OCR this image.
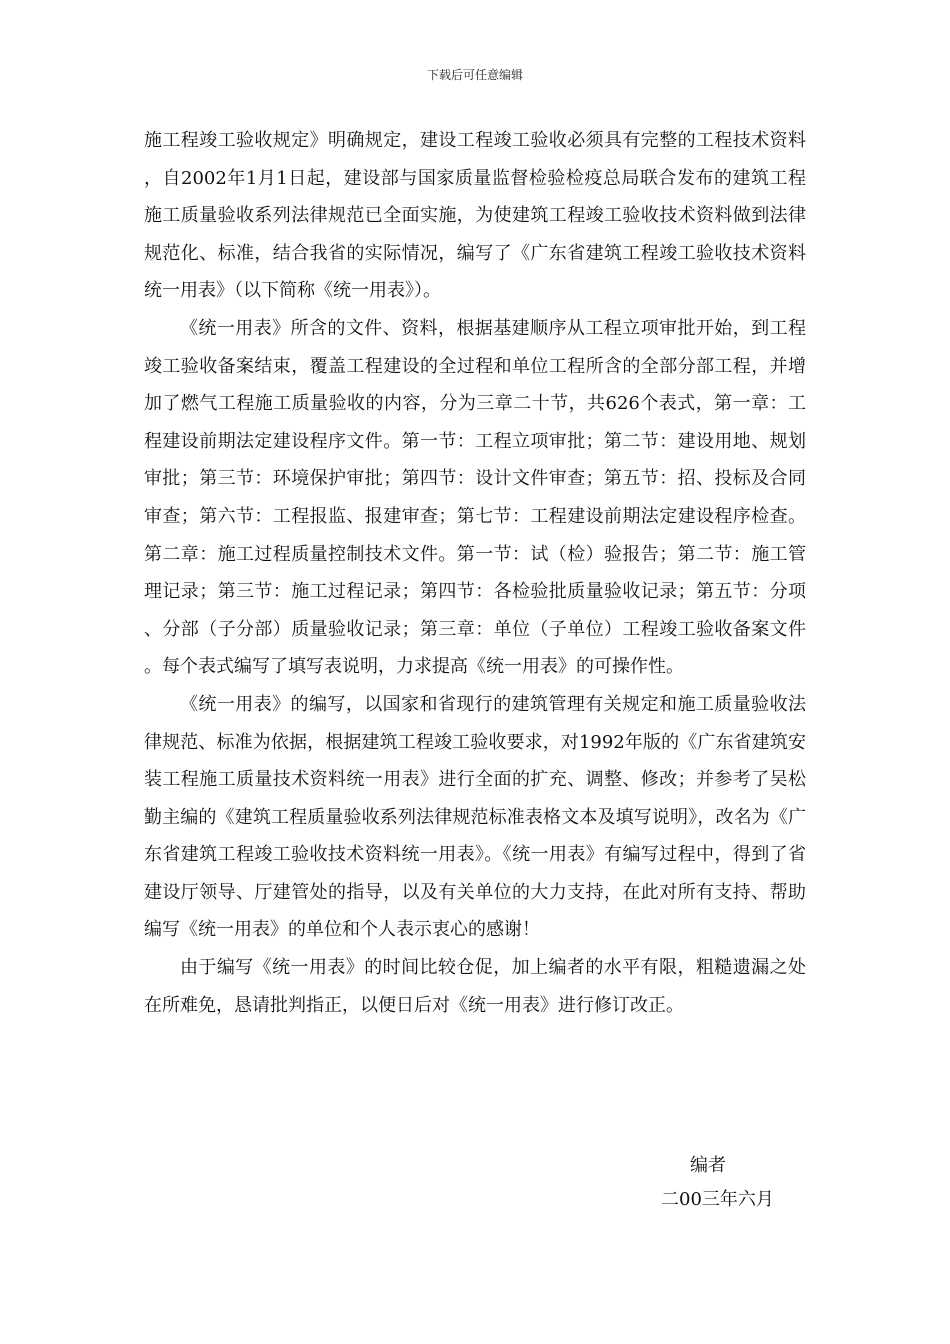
下载后可任意编辑

施工程竣工验收规定》明确规定，建设工程竣工验收必须具有完整的工程技术资料，自2002年1月1日起，建设部与国家质量监督检验检疫总局联合发布的建筑工程施工质量验收系列法律规范已全面实施，为使建筑工程竣工验收技术资料做到法律规范化、标准，结合我省的实际情况，编写了《广东省建筑工程竣工验收技术资料统一用表》（以下简称《统一用表》）。

《统一用表》所含的文件、资料，根据基建顺序从工程立项审批开始，到工程竣工验收备案结束，覆盖工程建设的全过程和单位工程所含的全部分部工程，并增加了燃气工程施工质量验收的内容，分为三章二十节，共626个表式，第一章：工程建设前期法定建设程序文件。第一节：工程立项审批；第二节：建设用地、规划审批；第三节：环境保护审批；第四节：设计文件审查；第五节：招、投标及合同审查；第六节：工程报监、报建审查；第七节：工程建设前期法定建设程序检查。第二章：施工过程质量控制技术文件。第一节：试（检）验报告；第二节：施工管理记录；第三节：施工过程记录；第四节：各检验批质量验收记录；第五节：分项、分部（子分部）质量验收记录；第三章：单位（子单位）工程竣工验收备案文件。每个表式编写了填写表说明，力求提高《统一用表》的可操作性。

《统一用表》的编写，以国家和省现行的建筑管理有关规定和施工质量验收法律规范、标准为依据，根据建筑工程竣工验收要求，对1992年版的《广东省建筑安装工程施工质量技术资料统一用表》进行全面的扩充、调整、修改；并参考了吴松勤主编的《建筑工程质量验收系列法律规范标准表格文本及填写说明》，改名为《广东省建筑工程竣工验收技术资料统一用表》。《统一用表》有编写过程中，得到了省建设厅领导、厅建管处的指导，以及有关单位的大力支持，在此对所有支持、帮助编写《统一用表》的单位和个人表示衷心的感谢！

由于编写《统一用表》的时间比较仓促，加上编者的水平有限，粗糙遗漏之处在所难免，恳请批判指正，以便日后对《统一用表》进行修订改正。

编者
二00三年六月
